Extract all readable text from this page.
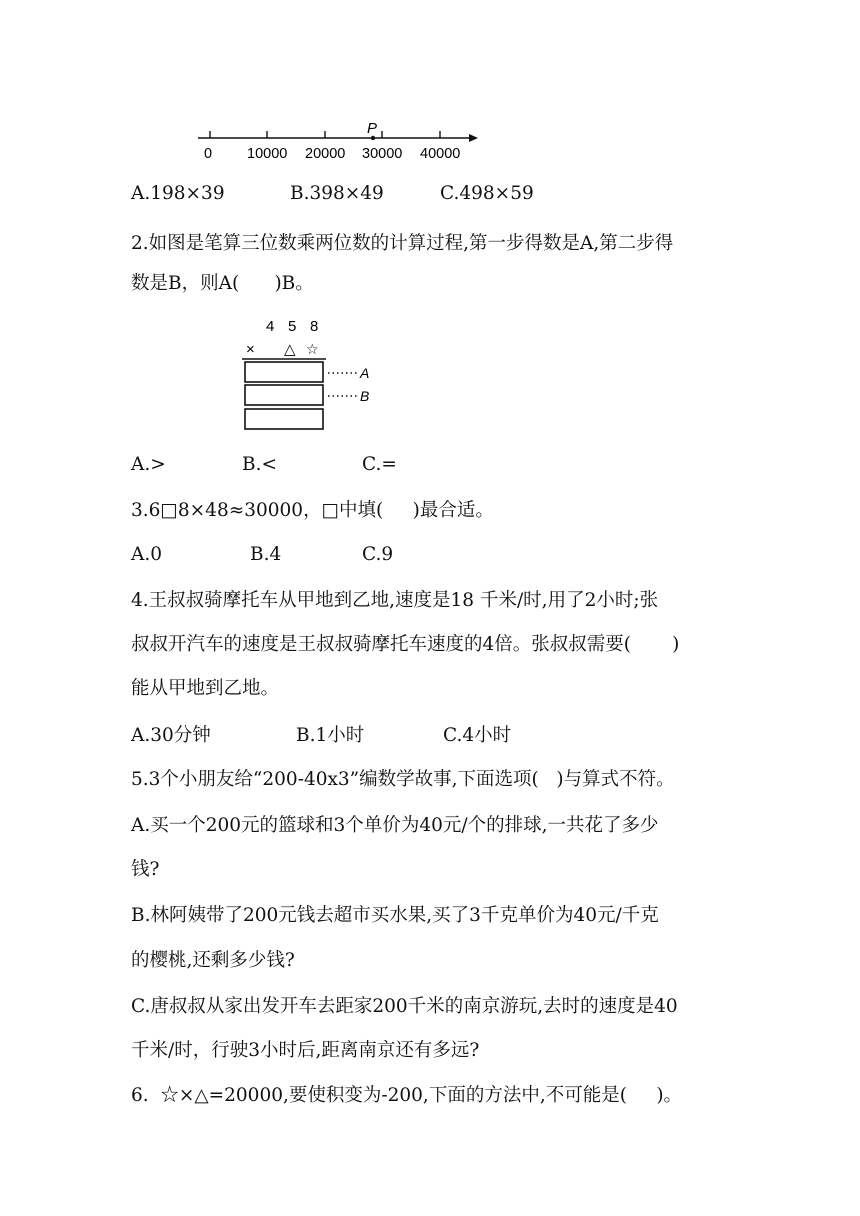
P
0 10000 20000 30000 40000
A.198×39	B.398×49	C.498×59
2.如图是笔算三位数乘两位数的计算过程,第一步得数是A,第二步得
数是B，则A(      )B。
4 5 8
× △ ☆
A
B
A.>	B.<	C.=
3.6□8×48≈30000，□中填(     )最合适。
A.0	B.4	C.9
4.王叔叔骑摩托车从甲地到乙地,速度是18 千米/时,用了2小时;张
叔叔开汽车的速度是王叔叔骑摩托车速度的4倍。张叔叔需要(       )
能从甲地到乙地。
A.30分钟	B.1小时	C.4小时
5.3个小朋友给“200-40x3”编数学故事,下面选项(   )与算式不符。
A.买一个200元的篮球和3个单价为40元/个的排球,一共花了多少
钱?
B.林阿姨带了200元钱去超市买水果,买了3千克单价为40元/千克
的樱桃,还剩多少钱?
C.唐叔叔从家出发开车去距家200千米的南京游玩,去时的速度是40
千米/时，行驶3小时后,距离南京还有多远?
6.  ☆×△=20000,要使积变为-200,下面的方法中,不可能是(     )。
